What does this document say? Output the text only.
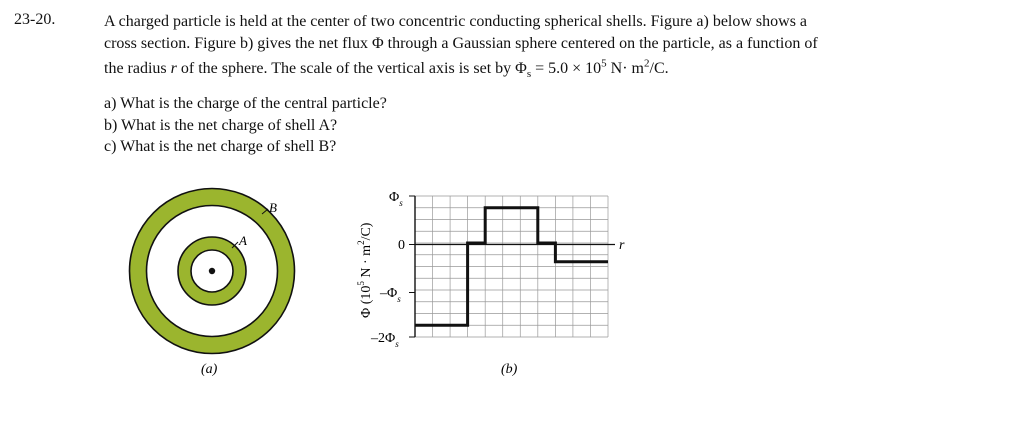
23-20.	A charged particle is held at the center of two concentric conducting spherical shells. Figure a) below shows a
cross section. Figure b) gives the net flux Φ through a Gaussian sphere centered on the particle, as a function of
the radius r of the sphere. The scale of the vertical axis is set by $\Phi_s = 5.0 \times 10^5$ $N\cdot m^2/C$.

a) What is the charge of the central particle?
b) What is the net charge of shell A?
c) What is the net charge of shell B?
A
B
(a)
$\Phi_s$
0
$-\Phi_s$
$-2\Phi_s$
r
Φ ($10^5$ $N \cdot m^2/C$)
(b)
